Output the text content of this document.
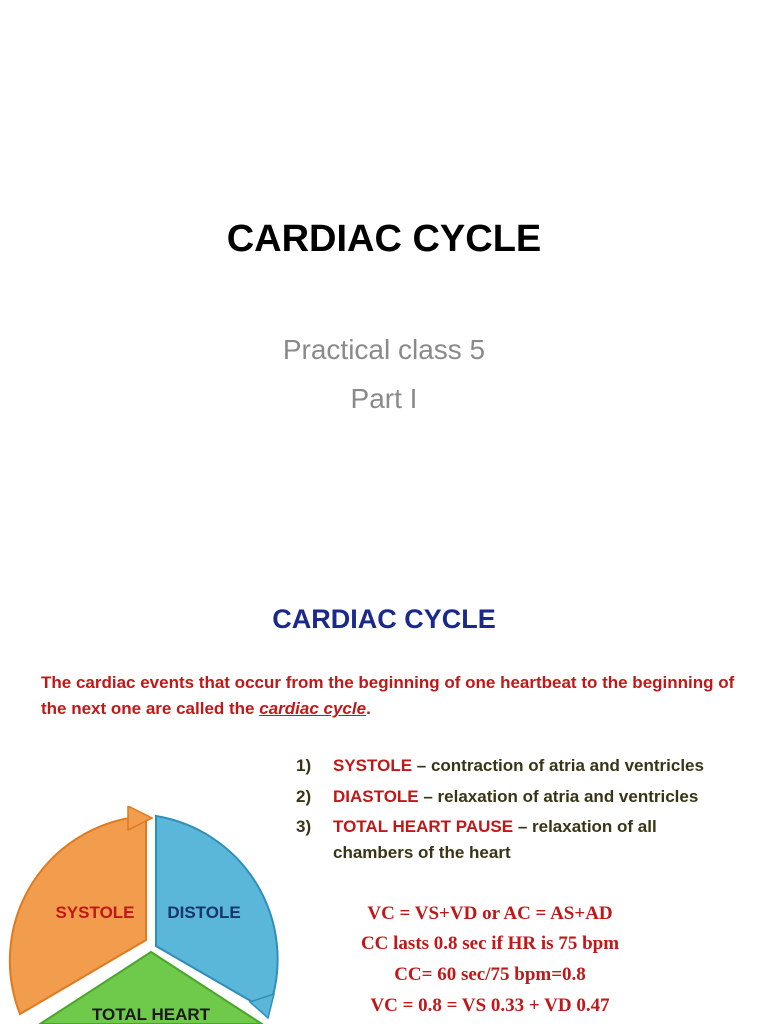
CARDIAC CYCLE
Practical class 5
Part I
CARDIAC CYCLE
The cardiac events that occur from the beginning of one heartbeat to the beginning of the next one are called the cardiac cycle.
1) SYSTOLE – contraction of atria and ventricles
2) DIASTOLE – relaxation of atria and ventricles
3) TOTAL HEART PAUSE – relaxation of all
chambers of the heart
VC = VS+VD or AC = AS+AD
CC lasts 0.8 sec if HR is 75 bpm
CC= 60 sec/75 bpm=0.8
VC = 0.8 = VS 0.33 + VD 0.47
SYSTOLE DISTOLE
TOTAL HEART
